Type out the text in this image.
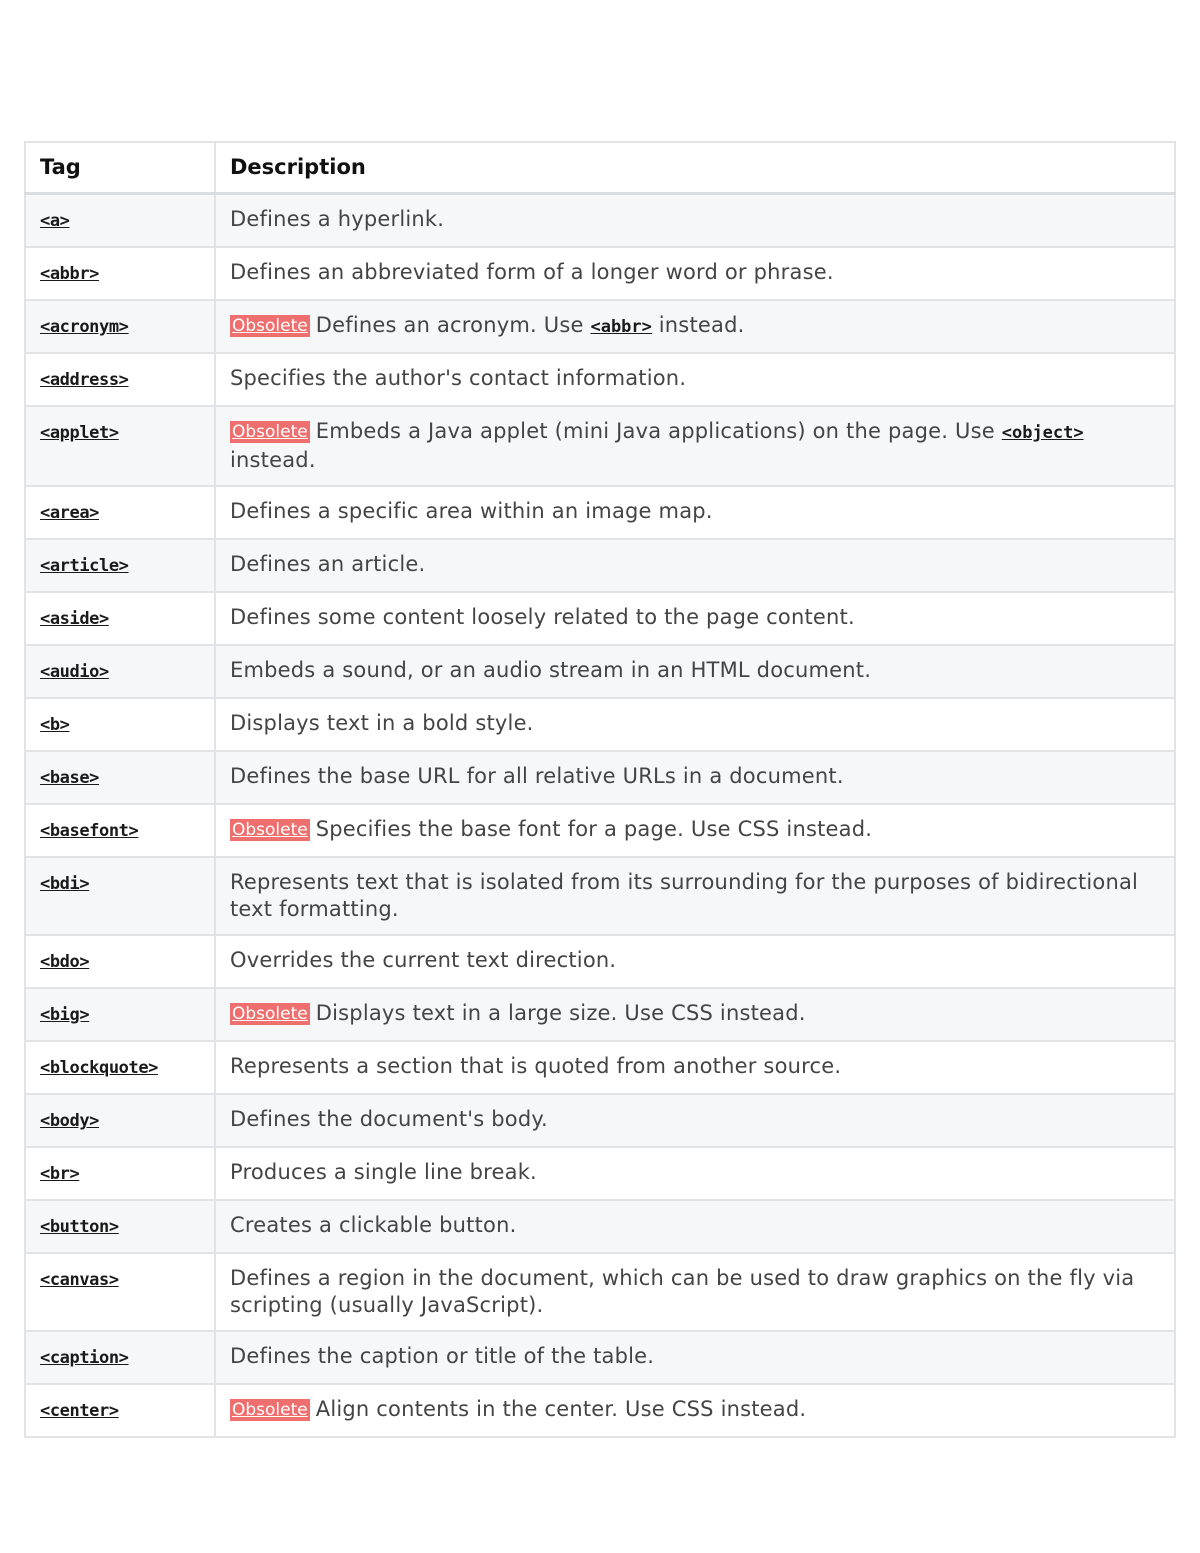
Tag	Description
<a>	Defines a hyperlink.
<abbr>	Defines an abbreviated form of a longer word or phrase.
<acronym>	Obsolete Defines an acronym. Use <abbr> instead.
<address>	Specifies the author's contact information.
<applet>	Obsolete Embeds a Java applet (mini Java applications) on the page. Use <object> instead.
<area>	Defines a specific area within an image map.
<article>	Defines an article.
<aside>	Defines some content loosely related to the page content.
<audio>	Embeds a sound, or an audio stream in an HTML document.
<b>	Displays text in a bold style.
<base>	Defines the base URL for all relative URLs in a document.
<basefont>	Obsolete Specifies the base font for a page. Use CSS instead.
<bdi>	Represents text that is isolated from its surrounding for the purposes of bidirectional text formatting.
<bdo>	Overrides the current text direction.
<big>	Obsolete Displays text in a large size. Use CSS instead.
<blockquote>	Represents a section that is quoted from another source.
<body>	Defines the document's body.
<br>	Produces a single line break.
<button>	Creates a clickable button.
<canvas>	Defines a region in the document, which can be used to draw graphics on the fly via scripting (usually JavaScript).
<caption>	Defines the caption or title of the table.
<center>	Obsolete Align contents in the center. Use CSS instead.
